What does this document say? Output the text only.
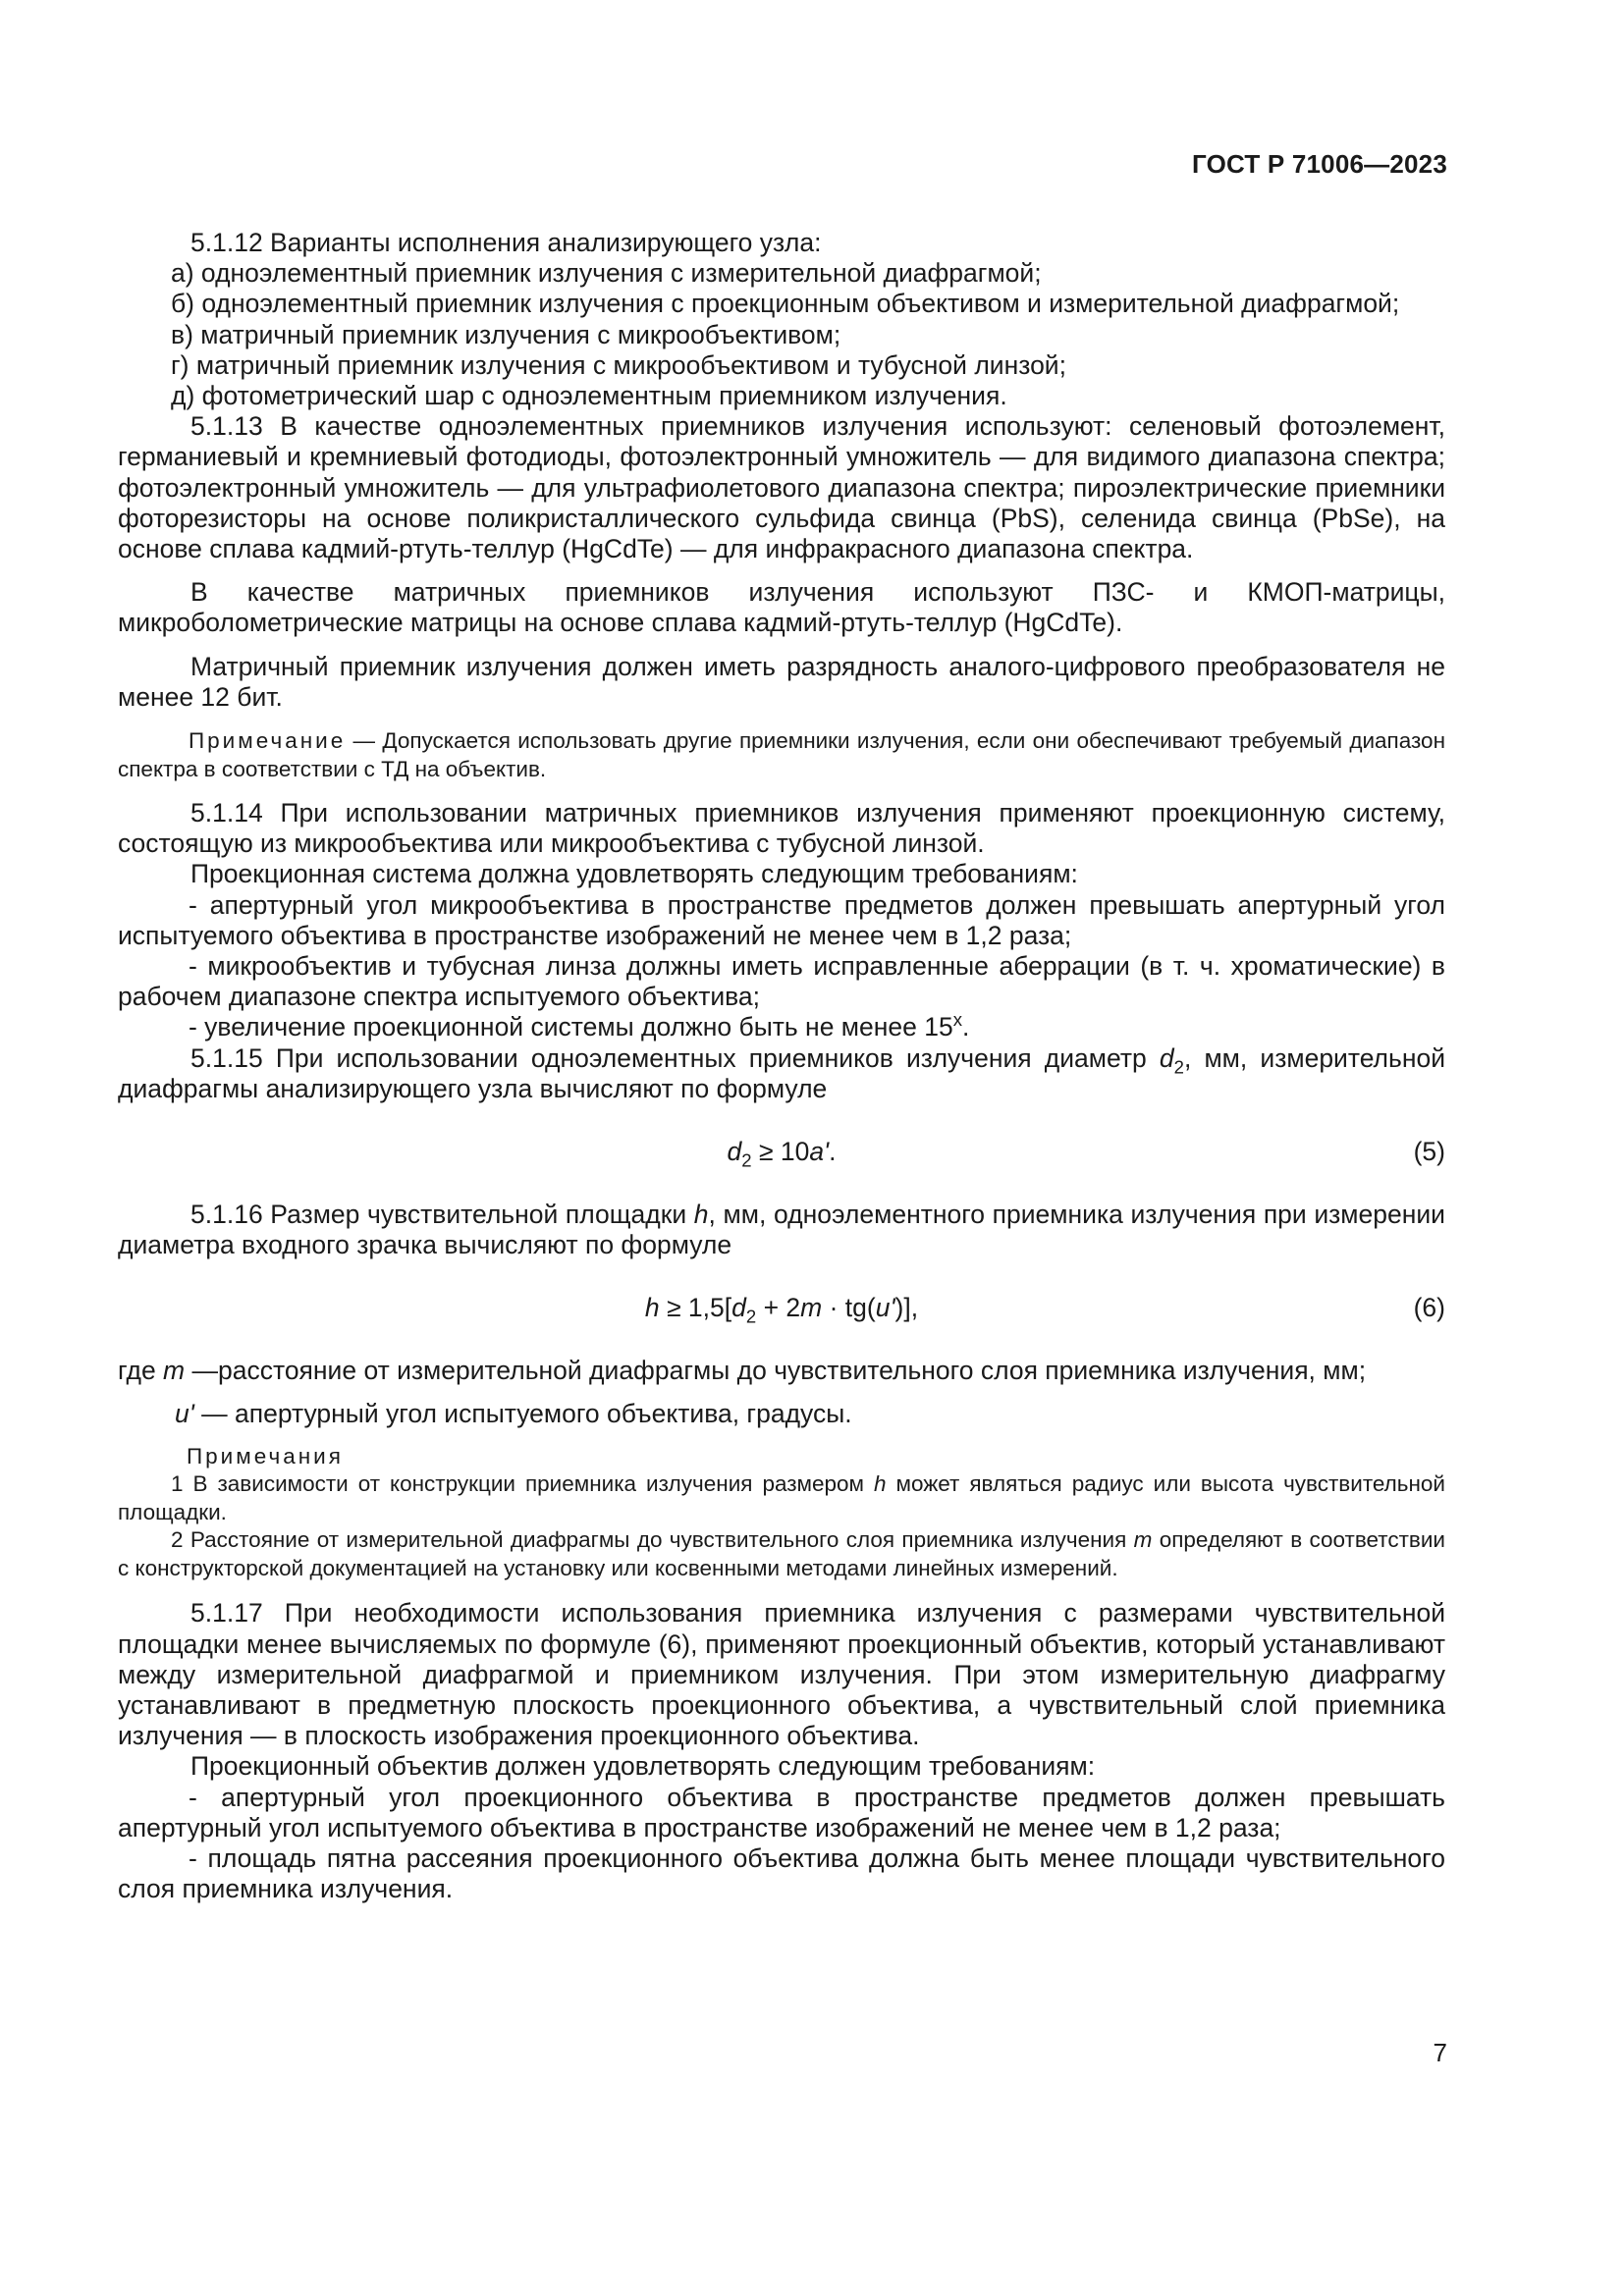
ГОСТ Р 71006—2023

5.1.12 Варианты исполнения анализирующего узла:

а) одноэлементный приемник излучения с измерительной диафрагмой;

б) одноэлементный приемник излучения с проекционным объективом и измерительной диафрагмой;

в) матричный приемник излучения с микрообъективом;

г) матричный приемник излучения с микрообъективом и тубусной линзой;

д) фотометрический шар с одноэлементным приемником излучения.

5.1.13 В качестве одноэлементных приемников излучения используют: селеновый фотоэлемент, германиевый и кремниевый фотодиоды, фотоэлектронный умножитель — для видимого диапазона спектра; фотоэлектронный умножитель — для ультрафиолетового диапазона спектра; пироэлектрические приемники фоторезисторы на основе поликристаллического сульфида свинца (PbS), селенида свинца (PbSe), на основе сплава кадмий-ртуть-теллур (HgCdTe) — для инфракрасного диапазона спектра.

В качестве матричных приемников излучения используют ПЗС- и КМОП-матрицы, микроболометрические матрицы на основе сплава кадмий-ртуть-теллур (HgCdTe).

Матричный приемник излучения должен иметь разрядность аналого-цифрового преобразователя не менее 12 бит.

Примечание — Допускается использовать другие приемники излучения, если они обеспечивают требуемый диапазон спектра в соответствии с ТД на объектив.

5.1.14 При использовании матричных приемников излучения применяют проекционную систему, состоящую из микрообъектива или микрообъектива с тубусной линзой.

Проекционная система должна удовлетворять следующим требованиям:

- апертурный угол микрообъектива в пространстве предметов должен превышать апертурный угол испытуемого объектива в пространстве изображений не менее чем в 1,2 раза;

- микрообъектив и тубусная линза должны иметь исправленные аберрации (в т. ч. хроматические) в рабочем диапазоне спектра испытуемого объектива;

- увеличение проекционной системы должно быть не менее $15^х$.

5.1.15 При использовании одноэлементных приемников излучения диаметр $d_2$, мм, измерительной диафрагмы анализирующего узла вычисляют по формуле

$d_2 \ge 10a'$.	(5)

5.1.16 Размер чувствительной площадки h, мм, одноэлементного приемника излучения при измерении диаметра входного зрачка вычисляют по формуле

$h \ge 1,5[d_2 + 2m \cdot tg(u')]$,	(6)
где m — расстояние от измерительной диафрагмы до чувствительного слоя приемника излучения, мм;

u' — апертурный угол испытуемого объектива, градусы.

Примечания

1 В зависимости от конструкции приемника излучения размером h может являться радиус или высота чувствительной площадки.

2 Расстояние от измерительной диафрагмы до чувствительного слоя приемника излучения m определяют в соответствии с конструкторской документацией на установку или косвенными методами линейных измерений.

5.1.17 При необходимости использования приемника излучения с размерами чувствительной площадки менее вычисляемых по формуле (6), применяют проекционный объектив, который устанавливают между измерительной диафрагмой и приемником излучения. При этом измерительную диафрагму устанавливают в предметную плоскость проекционного объектива, а чувствительный слой приемника излучения — в плоскость изображения проекционного объектива.

Проекционный объектив должен удовлетворять следующим требованиям:

- апертурный угол проекционного объектива в пространстве предметов должен превышать апертурный угол испытуемого объектива в пространстве изображений не менее чем в 1,2 раза;

- площадь пятна рассеяния проекционного объектива должна быть менее площади чувствительного слоя приемника излучения.

7
